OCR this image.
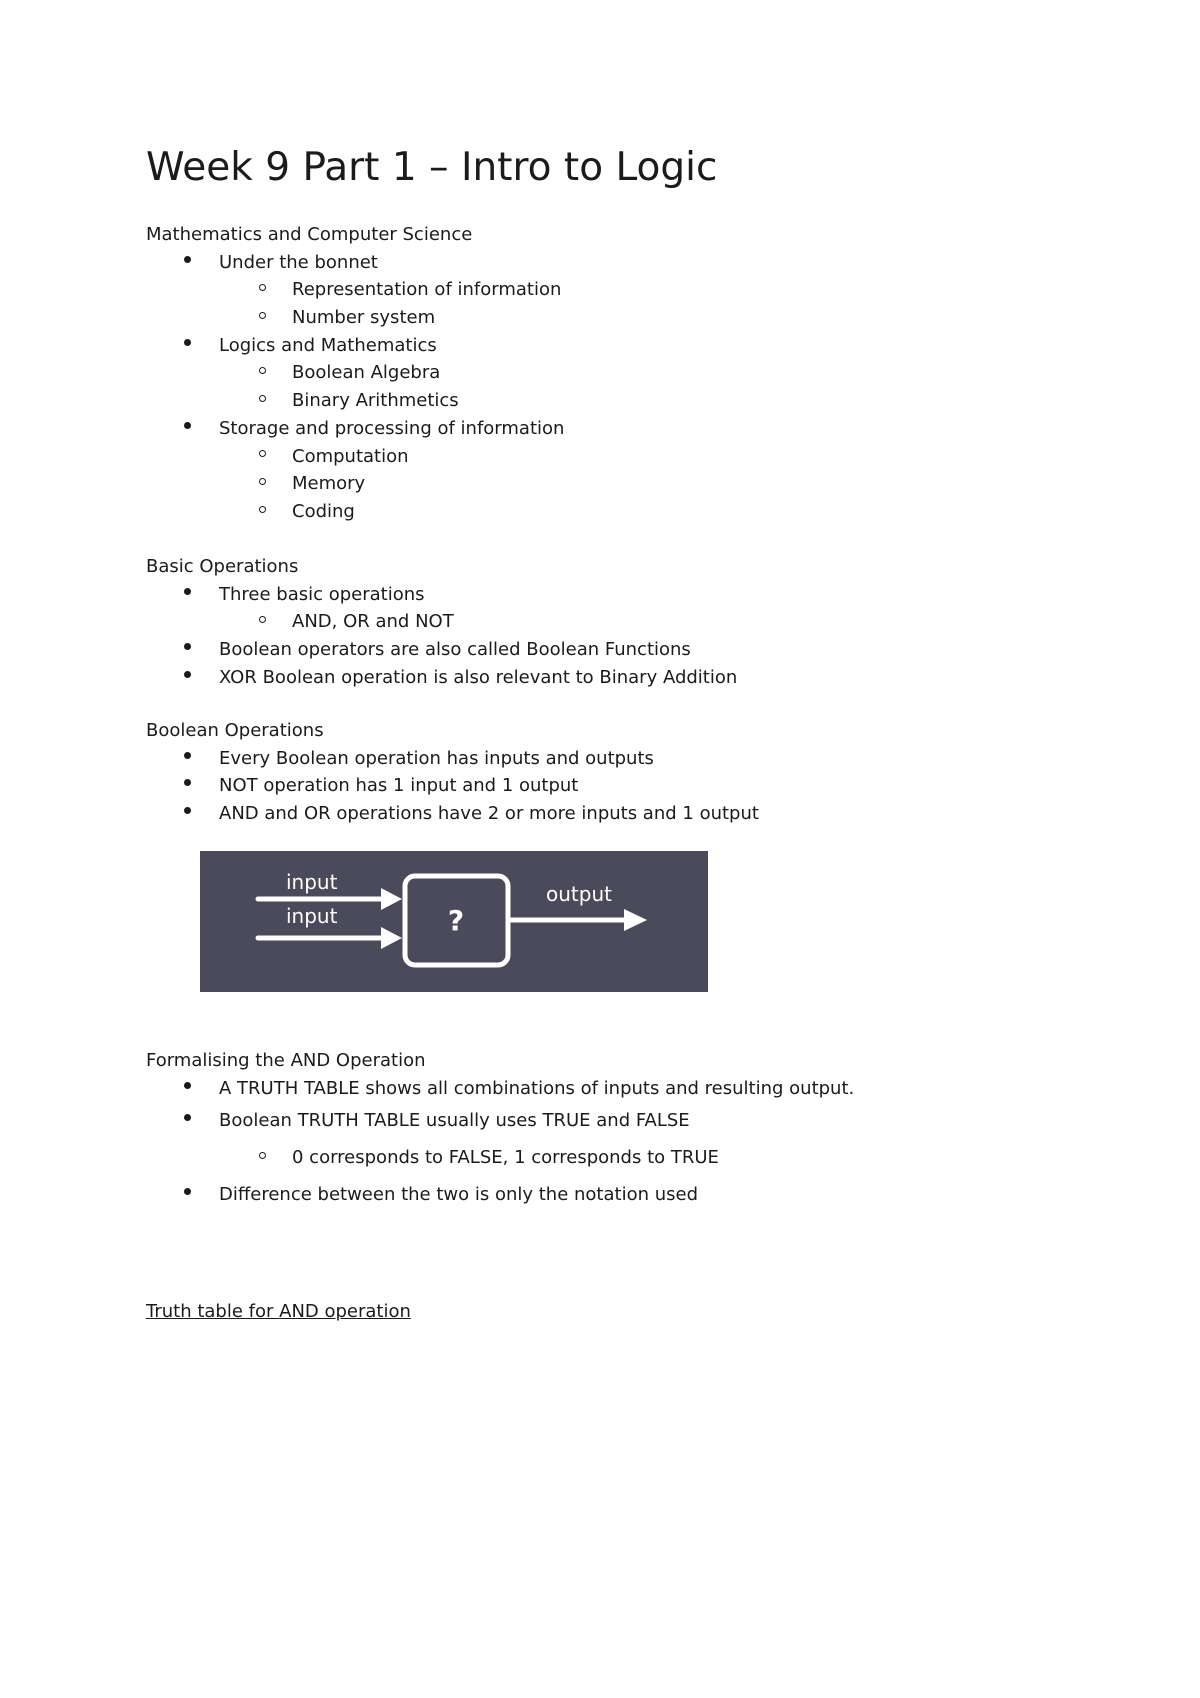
Week 9 Part 1 – Intro to Logic
Mathematics and Computer Science
Under the bonnet
Representation of information
Number system
Logics and Mathematics
Boolean Algebra
Binary Arithmetics
Storage and processing of information
Computation
Memory
Coding
Basic Operations
Three basic operations
AND, OR and NOT
Boolean operators are also called Boolean Functions
XOR Boolean operation is also relevant to Binary Addition
Boolean Operations
Every Boolean operation has inputs and outputs
NOT operation has 1 input and 1 output
AND and OR operations have 2 or more inputs and 1 output
input
input	?
output
Formalising the AND Operation
A TRUTH TABLE shows all combinations of inputs and resulting output.
Boolean TRUTH TABLE usually uses TRUE and FALSE
0 corresponds to FALSE, 1 corresponds to TRUE
Difference between the two is only the notation used
Truth table for AND operation
